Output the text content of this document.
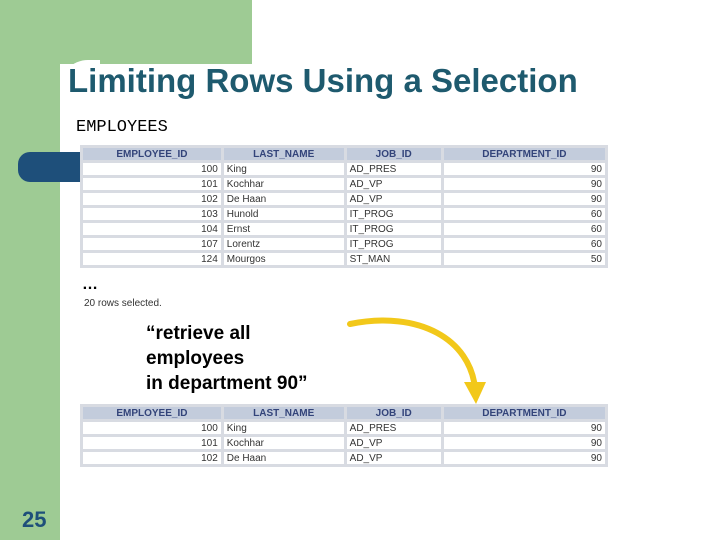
Limiting Rows Using a Selection
EMPLOYEES
EMPLOYEE_ID	LAST_NAME	JOB_ID	DEPARTMENT_ID
100	King	AD_PRES	90
101	Kochhar	AD_VP	90
102	De Haan	AD_VP	90
103	Hunold	IT_PROG	60
104	Ernst	IT_PROG	60
107	Lorentz	IT_PROG	60
124	Mourgos	ST_MAN	50
…
20 rows selected.
“retrieve all
employees
in department 90”
EMPLOYEE_ID	LAST_NAME	JOB_ID	DEPARTMENT_ID
100	King	AD_PRES	90
101	Kochhar	AD_VP	90
102	De Haan	AD_VP	90
25
